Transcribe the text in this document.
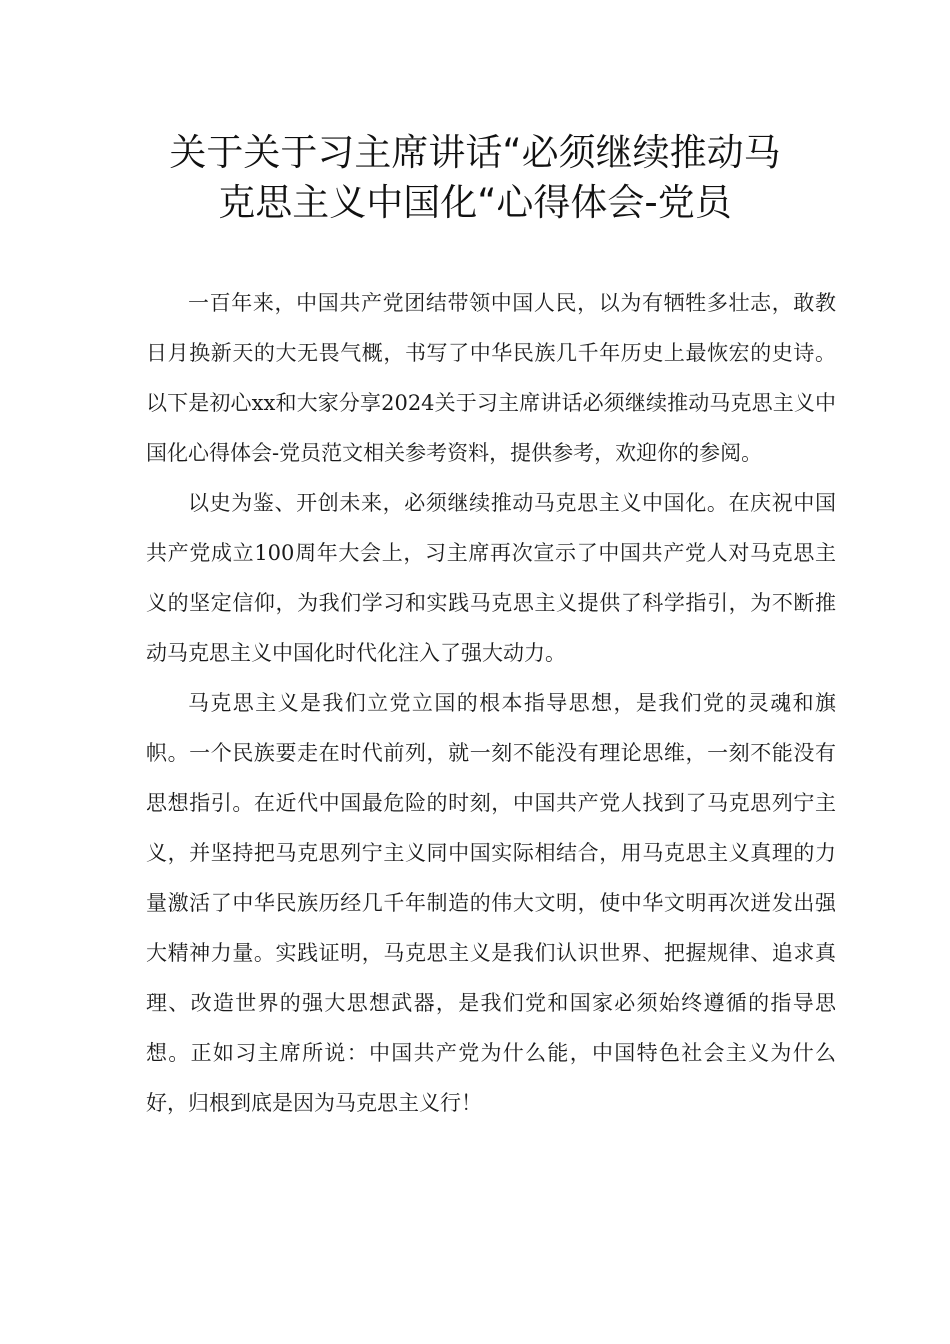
关于关于习主席讲话“必须继续推动马
克思主义中国化“心得体会-党员

一百年来，中国共产党团结带领中国人民，以为有牺牲多壮志，敢教日月换新天的大无畏气概，书写了中华民族几千年历史上最恢宏的史诗。以下是初心xx和大家分享2024关于习主席讲话必须继续推动马克思主义中国化心得体会-党员范文相关参考资料，提供参考，欢迎你的参阅。

以史为鉴、开创未来，必须继续推动马克思主义中国化。在庆祝中国共产党成立100周年大会上，习主席再次宣示了中国共产党人对马克思主义的坚定信仰，为我们学习和实践马克思主义提供了科学指引，为不断推动马克思主义中国化时代化注入了强大动力。

马克思主义是我们立党立国的根本指导思想，是我们党的灵魂和旗帜。一个民族要走在时代前列，就一刻不能没有理论思维，一刻不能没有思想指引。在近代中国最危险的时刻，中国共产党人找到了马克思列宁主义，并坚持把马克思列宁主义同中国实际相结合，用马克思主义真理的力量激活了中华民族历经几千年制造的伟大文明，使中华文明再次迸发出强大精神力量。实践证明，马克思主义是我们认识世界、把握规律、追求真理、改造世界的强大思想武器，是我们党和国家必须始终遵循的指导思想。正如习主席所说：中国共产党为什么能，中国特色社会主义为什么好，归根到底是因为马克思主义行！
